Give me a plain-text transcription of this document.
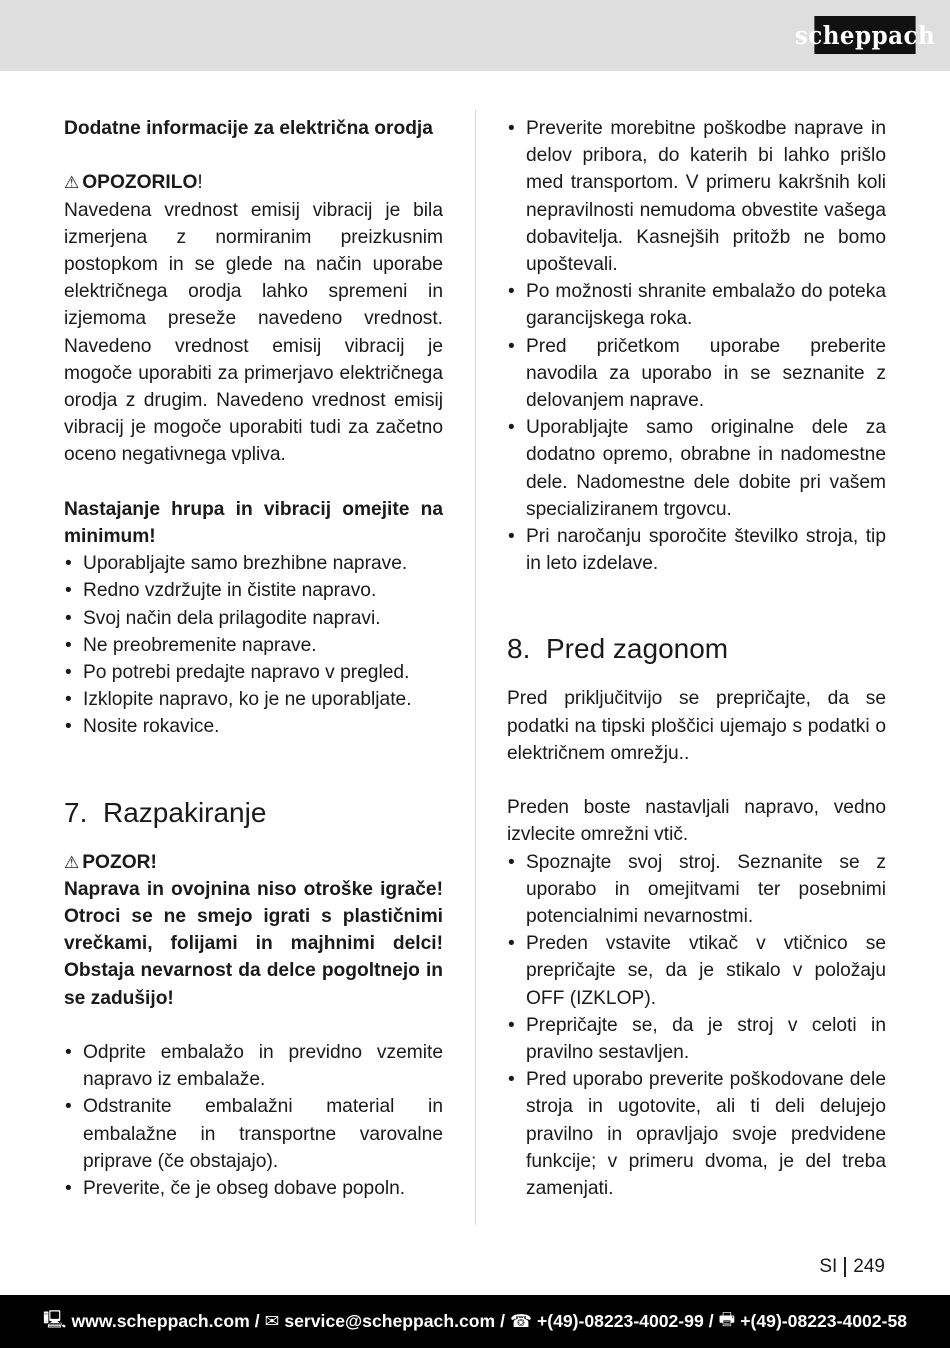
scheppach

Dodatne informacije za električna orodja

⚠ OPOZORILO!

Navedena vrednost emisij vibracij je bila izmerjena z normiranim preizkusnim postopkom in se glede na način uporabe električnega orodja lahko spremeni in izjemoma preseže navedeno vrednost. Navedeno vrednost emisij vibracij je mogoče uporabiti za primerjavo električnega orodja z drugim. Navedeno vrednost emisij vibracij je mogoče uporabiti tudi za začetno oceno negativnega vpliva.

Nastajanje hrupa in vibracij omejite na minimum!

• Uporabljajte samo brezhibne naprave.
• Redno vzdržujte in čistite napravo.
• Svoj način dela prilagodite napravi.
• Ne preobremenite naprave.
• Po potrebi predajte napravo v pregled.
• Izklopite napravo, ko je ne uporabljate.
• Nosite rokavice.
7. Razpakiranje

⚠ POZOR!

Naprava in ovojnina niso otroške igrače! Otroci se ne smejo igrati s plastičnimi vrečkami, folijami in majhnimi delci! Obstaja nevarnost da delce pogoltnejo in se zadušijo!

• Odprite embalažo in previdno vzemite napravo iz embalaže.
• Odstranite embalažni material in embalažne in transportne varovalne priprave (če obstajajo).
• Preverite, če je obseg dobave popoln.
• Preverite morebitne poškodbe naprave in delov pribora, do katerih bi lahko prišlo med transportom. V primeru kakršnih koli nepravilnosti nemudoma obvestite vašega dobavitelja. Kasnejših pritožb ne bomo upoštevali.
• Po možnosti shranite embalažo do poteka garancijskega roka.
• Pred pričetkom uporabe preberite navodila za uporabo in se seznanite z delovanjem naprave.
• Uporabljajte samo originalne dele za dodatno opremo, obrabne in nadomestne dele. Nadomestne dele dobite pri vašem specializiranem trgovcu.
• Pri naročanju sporočite številko stroja, tip in leto izdelave.
8. Pred zagonom

Pred priključitvijo se prepričajte, da se podatki na tipski ploščici ujemajo s podatki o električnem omrežju..

Preden boste nastavljali napravo, vedno izvlecite omrežni vtič.

• Spoznajte svoj stroj. Seznanite se z uporabo in omejitvami ter posebnimi potencialnimi nevarnostmi.
• Preden vstavite vtikač v vtičnico se prepričajte se, da je stikalo v položaju OFF (IZKLOP).
• Prepričajte se, da je stroj v celoti in pravilno sestavljen.
• Pred uporabo preverite poškodovane dele stroja in ugotovite, ali ti deli delujejo pravilno in opravljajo svoje predvidene funkcije; v primeru dvoma, je del treba zamenjati.
SI 249
🖳 www.scheppach.com / ✉ service@scheppach.com / ☎ +(49)-08223-4002-99 / 🖶 +(49)-08223-4002-58
